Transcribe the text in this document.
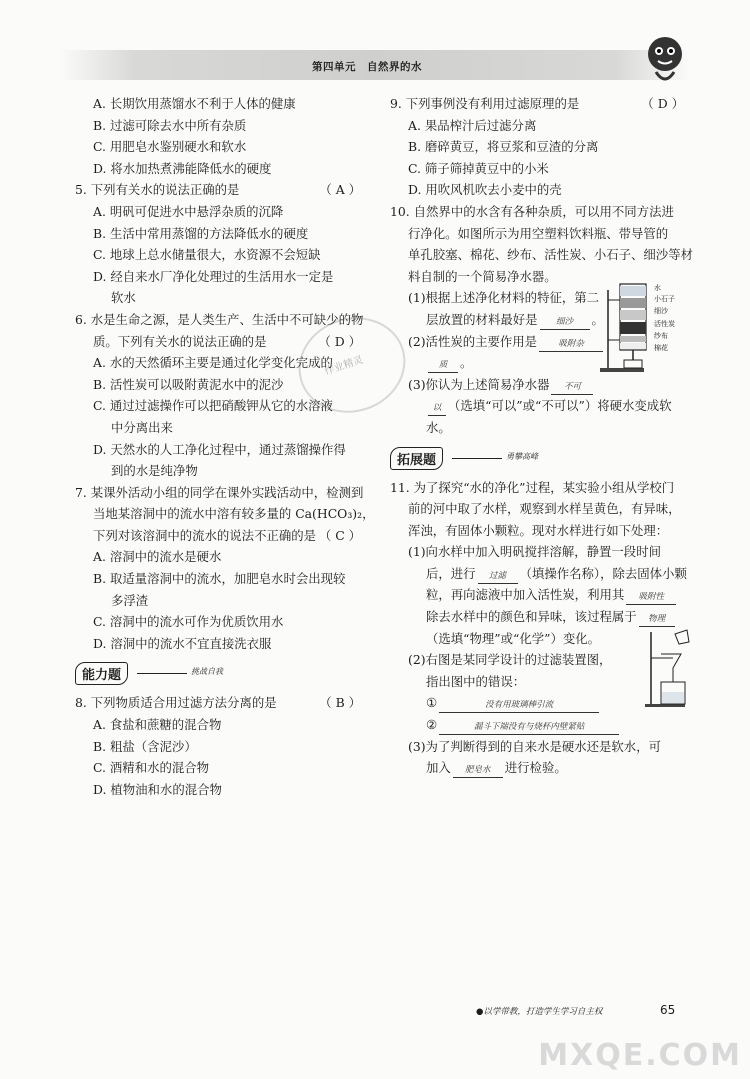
第四单元　自然界的水
作业精灵
A. 长期饮用蒸馏水不利于人体的健康
B. 过滤可除去水中所有杂质
C. 用肥皂水鉴别硬水和软水
D. 将水加热煮沸能降低水的硬度
5. 下列有关水的说法正确的是	（ A ）
A. 明矾可促进水中悬浮杂质的沉降
B. 生活中常用蒸馏的方法降低水的硬度
C. 地球上总水储量很大，水资源不会短缺
D. 经自来水厂净化处理过的生活用水一定是
软水
6. 水是生命之源，是人类生产、生活中不可缺少的物
质。下列有关水的说法正确的是	（ D ）
A. 水的天然循环主要是通过化学变化完成的
B. 活性炭可以吸附黄泥水中的泥沙
C. 通过过滤操作可以把硝酸钾从它的水溶液
中分离出来
D. 天然水的人工净化过程中，通过蒸馏操作得
到的水是纯净物
7. 某课外活动小组的同学在课外实践活动中，检测到
当地某溶洞中的流水中溶有较多量的 Ca(HCO₃)₂，
下列对该溶洞中的流水的说法不正确的是 （ C ）
A. 溶洞中的流水是硬水
B. 取适量溶洞中的流水，加肥皂水时会出现较
多浮渣
C. 溶洞中的流水可作为优质饮用水
D. 溶洞中的流水不宜直接洗衣服
能力题	挑战自我
8. 下列物质适合用过滤方法分离的是	（ B ）
A. 食盐和蔗糖的混合物
B. 粗盐（含泥沙）
C. 酒精和水的混合物
D. 植物油和水的混合物
9. 下列事例没有利用过滤原理的是	（ D ）
A. 果品榨汁后过滤分离
B. 磨碎黄豆，将豆浆和豆渣的分离
C. 筛子筛掉黄豆中的小米
D. 用吹风机吹去小麦中的壳
10. 自然界中的水含有各种杂质，可以用不同方法进
行净化。如图所示为用空塑料饮料瓶、带导管的
单孔胶塞、棉花、纱布、活性炭、小石子、细沙等材
料自制的一个简易净水器。
(1)根据上述净化材料的特征，第二
层放置的材料最好是 细沙 。
(2)活性炭的主要作用是 吸附杂
质 。
(3)你认为上述简易净水器 不可
以 （选填“可以”或“不可以”）将硬水变成软
水。
拓展题	勇攀高峰
11. 为了探究“水的净化”过程，某实验小组从学校门
前的河中取了水样，观察到水样呈黄色，有异味，
浑浊，有固体小颗粒。现对水样进行如下处理：
(1)向水样中加入明矾搅拌溶解，静置一段时间
后，进行 过滤 （填操作名称），除去固体小颗
粒，再向滤液中加入活性炭，利用其 吸附性
除去水样中的颜色和异味，该过程属于 物理
（选填“物理”或“化学”）变化。
(2)右图是某同学设计的过滤装置图，
指出图中的错误：
①	没有用玻璃棒引流
②	漏斗下端没有与烧杯内壁紧贴
(3)为了判断得到的自来水是硬水还是软水，可
加入 肥皂水 进行检验。
水
小石子
细沙
活性炭
纱布
棉花
●以学带教，打造学生学习自主权	65
MXQE.COM
